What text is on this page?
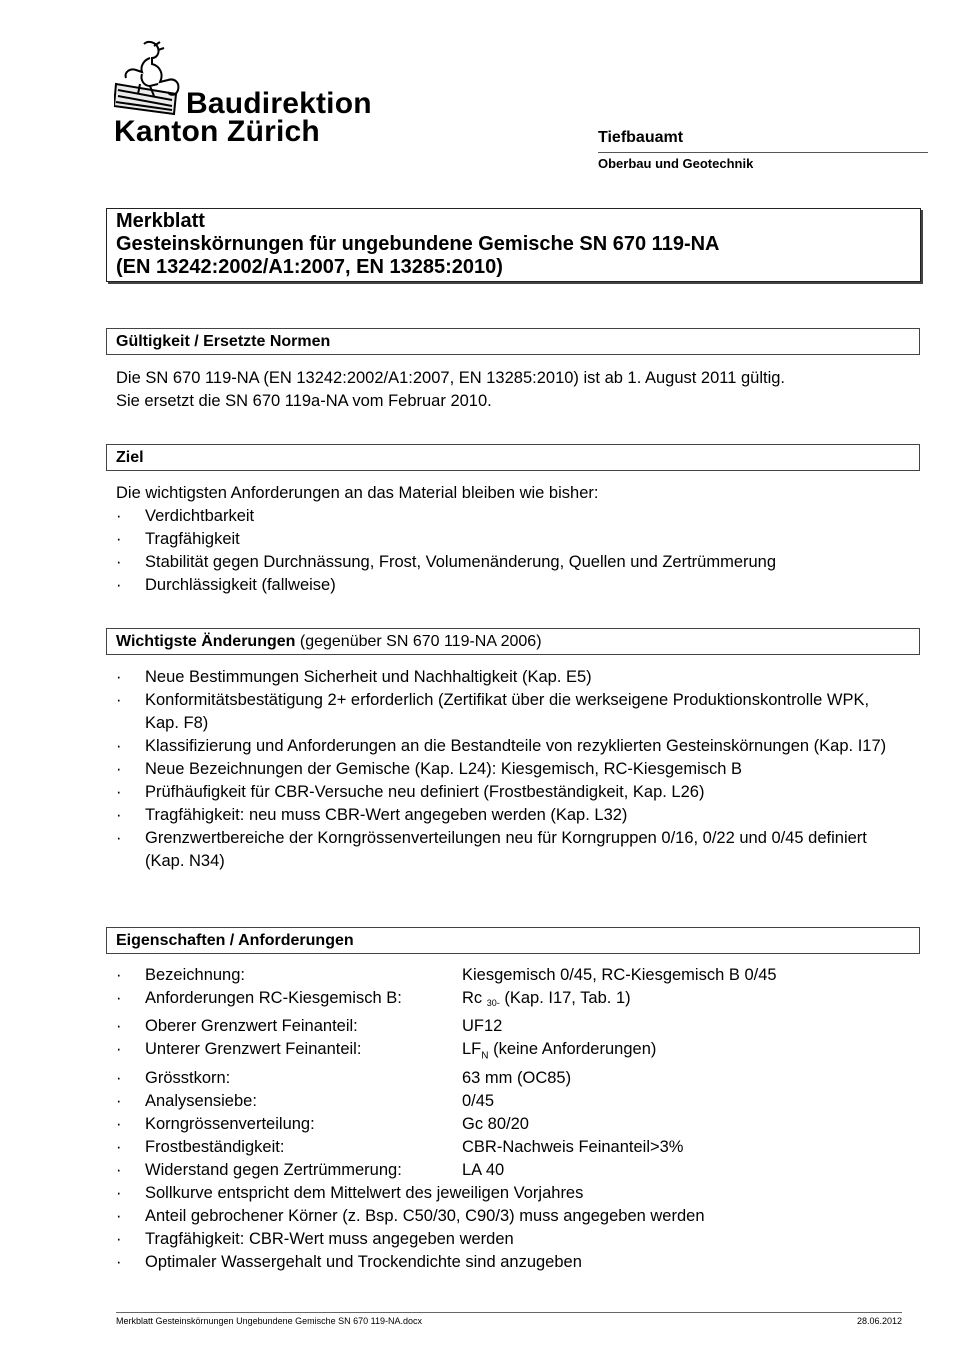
Baudirektion
Kanton Zürich	Tiefbauamt
Oberbau und Geotechnik
Merkblatt
Gesteinskörnungen für ungebundene Gemische SN 670 119-NA
(EN 13242:2002/A1:2007, EN 13285:2010)
Gültigkeit / Ersetzte Normen
Die SN 670 119-NA (EN 13242:2002/A1:2007, EN 13285:2010) ist ab 1. August 2011 gültig.
Sie ersetzt die SN 670 119a-NA vom Februar 2010.
Ziel
Die wichtigsten Anforderungen an das Material bleiben wie bisher:
· Verdichtbarkeit
· Tragfähigkeit
· Stabilität gegen Durchnässung, Frost, Volumenänderung, Quellen und Zertrümmerung
· Durchlässigkeit (fallweise)
Wichtigste Änderungen (gegenüber SN 670 119-NA 2006)
· Neue Bestimmungen Sicherheit und Nachhaltigkeit (Kap. E5)
· Konformitätsbestätigung 2+ erforderlich (Zertifikat über die werkseigene Produktionskontrolle WPK, Kap. F8)
· Klassifizierung und Anforderungen an die Bestandteile von rezyklierten Gesteinskörnungen (Kap. I17)
· Neue Bezeichnungen der Gemische (Kap. L24): Kiesgemisch, RC-Kiesgemisch B
· Prüfhäufigkeit für CBR-Versuche neu definiert (Frostbeständigkeit, Kap. L26)
· Tragfähigkeit: neu muss CBR-Wert angegeben werden (Kap. L32)
· Grenzwertbereiche der Korngrössenverteilungen neu für Korngruppen 0/16, 0/22 und 0/45 definiert (Kap. N34)
Eigenschaften / Anforderungen
· Bezeichnung:	Kiesgemisch 0/45, RC-Kiesgemisch B 0/45
· Anforderungen RC-Kiesgemisch B:	Rc 30- (Kap. I17, Tab. 1)
· Oberer Grenzwert Feinanteil:	UF12
· Unterer Grenzwert Feinanteil:	$LF_N$ (keine Anforderungen)
· Grösstkorn:	63 mm (OC85)
· Analysensiebe:	0/45
· Korngrössenverteilung:	Gc 80/20
· Frostbeständigkeit:	CBR-Nachweis Feinanteil>3%
· Widerstand gegen Zertrümmerung:	LA 40
· Sollkurve entspricht dem Mittelwert des jeweiligen Vorjahres
· Anteil gebrochener Körner (z. Bsp. C50/30, C90/3) muss angegeben werden
· Tragfähigkeit: CBR-Wert muss angegeben werden
· Optimaler Wassergehalt und Trockendichte sind anzugeben
Merkblatt Gesteinskörnungen Ungebundene Gemische SN 670 119-NA.docx	28.06.2012
